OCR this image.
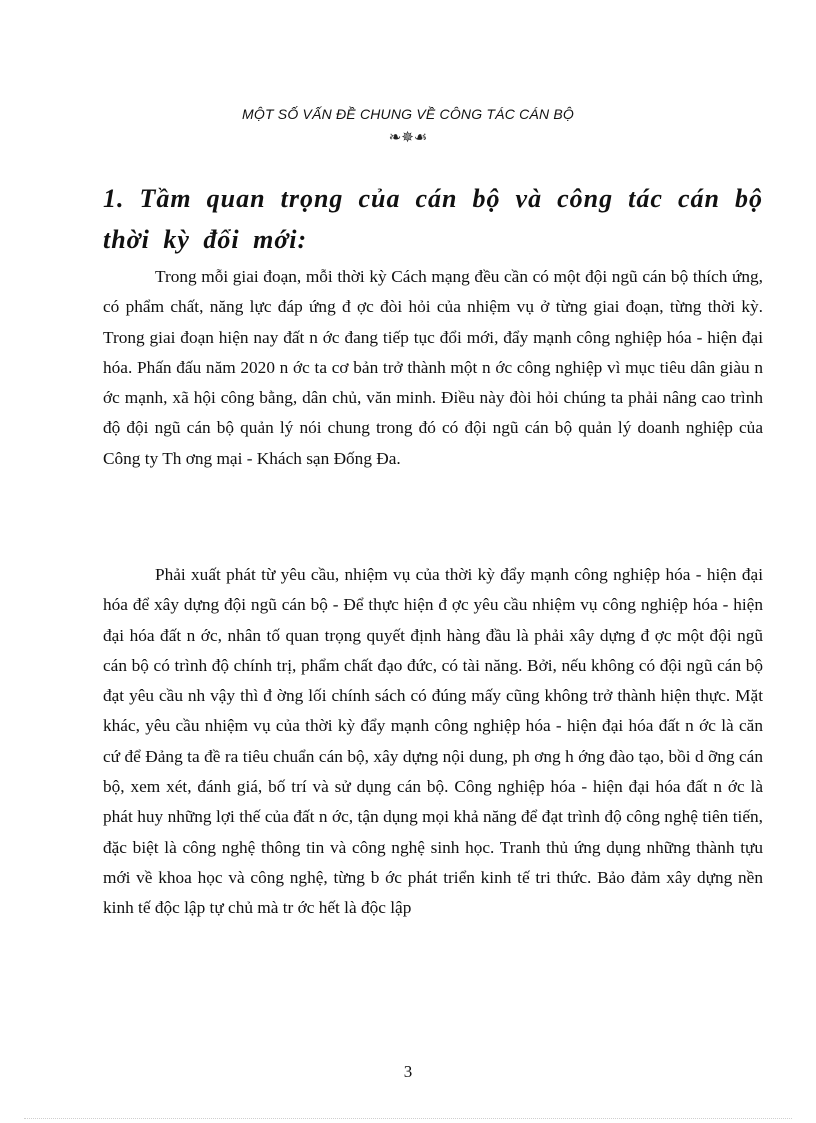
MỘT SỐ VẤN ĐỀ CHUNG VỀ CÔNG TÁC CÁN BỘ
❧✵☙
1. Tầm quan trọng của cán bộ và công tác cán bộ thời kỳ đổi mới:

Trong mỗi giai đoạn, mỗi thời kỳ Cách mạng đều cần có một đội ngũ cán bộ thích ứng, có phẩm chất, năng lực đáp ứng đ ợc đòi hỏi của nhiệm vụ ở từng giai đoạn, từng thời kỳ. Trong giai đoạn hiện nay đất n ớc đang tiếp tục đổi mới, đẩy mạnh công nghiệp hóa - hiện đại hóa. Phấn đấu năm 2020 n ớc ta cơ bản trở thành một n ớc công nghiệp vì mục tiêu dân giàu n ớc mạnh, xã hội công bằng, dân chủ, văn minh. Điều này đòi hỏi chúng ta phải nâng cao trình độ đội ngũ cán bộ quản lý nói chung trong đó có đội ngũ cán bộ quản lý doanh nghiệp của Công ty Th ơng mại - Khách sạn Đống Đa.

Phải xuất phát từ yêu cầu, nhiệm vụ của thời kỳ đẩy mạnh công nghiệp hóa - hiện đại hóa để xây dựng đội ngũ cán bộ - Để thực hiện đ ợc yêu cầu nhiệm vụ công nghiệp hóa - hiện đại hóa đất n ớc, nhân tố quan trọng quyết định hàng đầu là phải xây dựng đ ợc một đội ngũ cán bộ có trình độ chính trị, phẩm chất đạo đức, có tài năng. Bởi, nếu không có đội ngũ cán bộ đạt yêu cầu nh vậy thì đ ờng lối chính sách có đúng mấy cũng không trở thành hiện thực. Mặt khác, yêu cầu nhiệm vụ của thời kỳ đẩy mạnh công nghiệp hóa - hiện đại hóa đất n ớc là căn cứ để Đảng ta đề ra tiêu chuẩn cán bộ, xây dựng nội dung, ph ơng h ớng đào tạo, bồi d ỡng cán bộ, xem xét, đánh giá, bố trí và sử dụng cán bộ. Công nghiệp hóa - hiện đại hóa đất n ớc là phát huy những lợi thế của đất n ớc, tận dụng mọi khả năng để đạt trình độ công nghệ tiên tiến, đặc biệt là công nghệ thông tin và công nghệ sinh học. Tranh thủ ứng dụng những thành tựu mới về khoa học và công nghệ, từng b ớc phát triển kinh tế tri thức. Bảo đảm xây dựng nền kinh tế độc lập tự chủ mà tr ớc hết là độc lập

3
